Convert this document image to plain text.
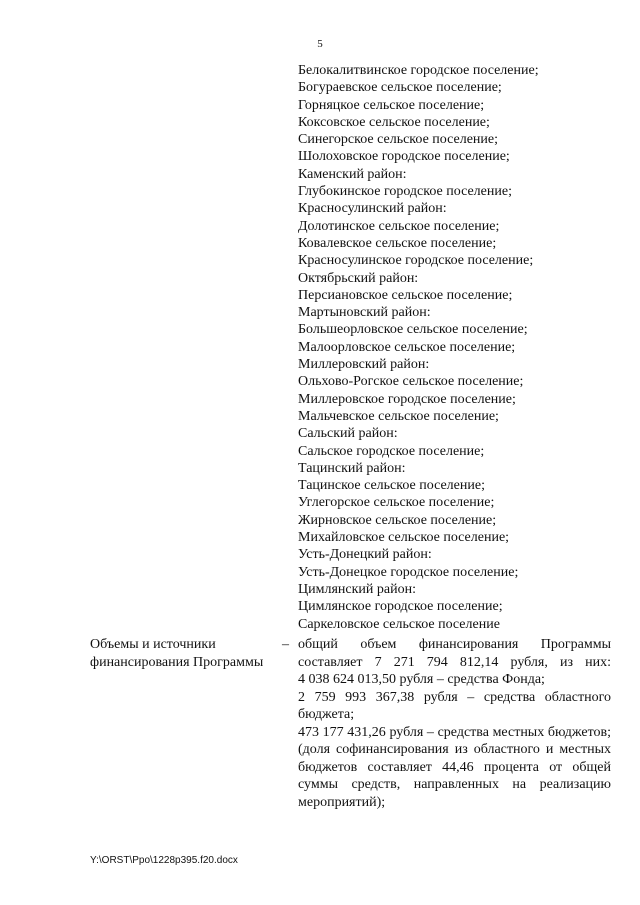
5
Белокалитвинское городское поселение;
Богураевское сельское поселение;
Горняцкое сельское поселение;
Коксовское сельское поселение;
Синегорское сельское поселение;
Шолоховское городское поселение;
Каменский район:
Глубокинское городское поселение;
Красносулинский район:
Долотинское сельское поселение;
Ковалевское сельское поселение;
Красносулинское городское поселение;
Октябрьский район:
Персиановское сельское поселение;
Мартыновский район:
Большеорловское сельское поселение;
Малоорловское сельское поселение;
Миллеровский район:
Ольхово-Рогское сельское поселение;
Миллеровское городское поселение;
Мальчевское сельское поселение;
Сальский район:
Сальское городское поселение;
Тацинский район:
Тацинское сельское поселение;
Углегорское сельское поселение;
Жирновское сельское поселение;
Михайловское сельское поселение;
Усть-Донецкий район:
Усть-Донецкое городское поселение;
Цимлянский район:
Цимлянское городское поселение;
Саркеловское сельское поселение
Объемы и источники финансирования Программы
– общий объем финансирования Программы составляет 7 271 794 812,14 рубля, из них:
4 038 624 013,50 рубля – средства Фонда;
2 759 993 367,38 рубля – средства областного бюджета;
473 177 431,26 рубля – средства местных бюджетов;
(доля софинансирования из областного и местных бюджетов составляет 44,46 процента от общей суммы средств, направленных на реализацию мероприятий);
Y:\ORST\Ppo\1228p395.f20.docx
